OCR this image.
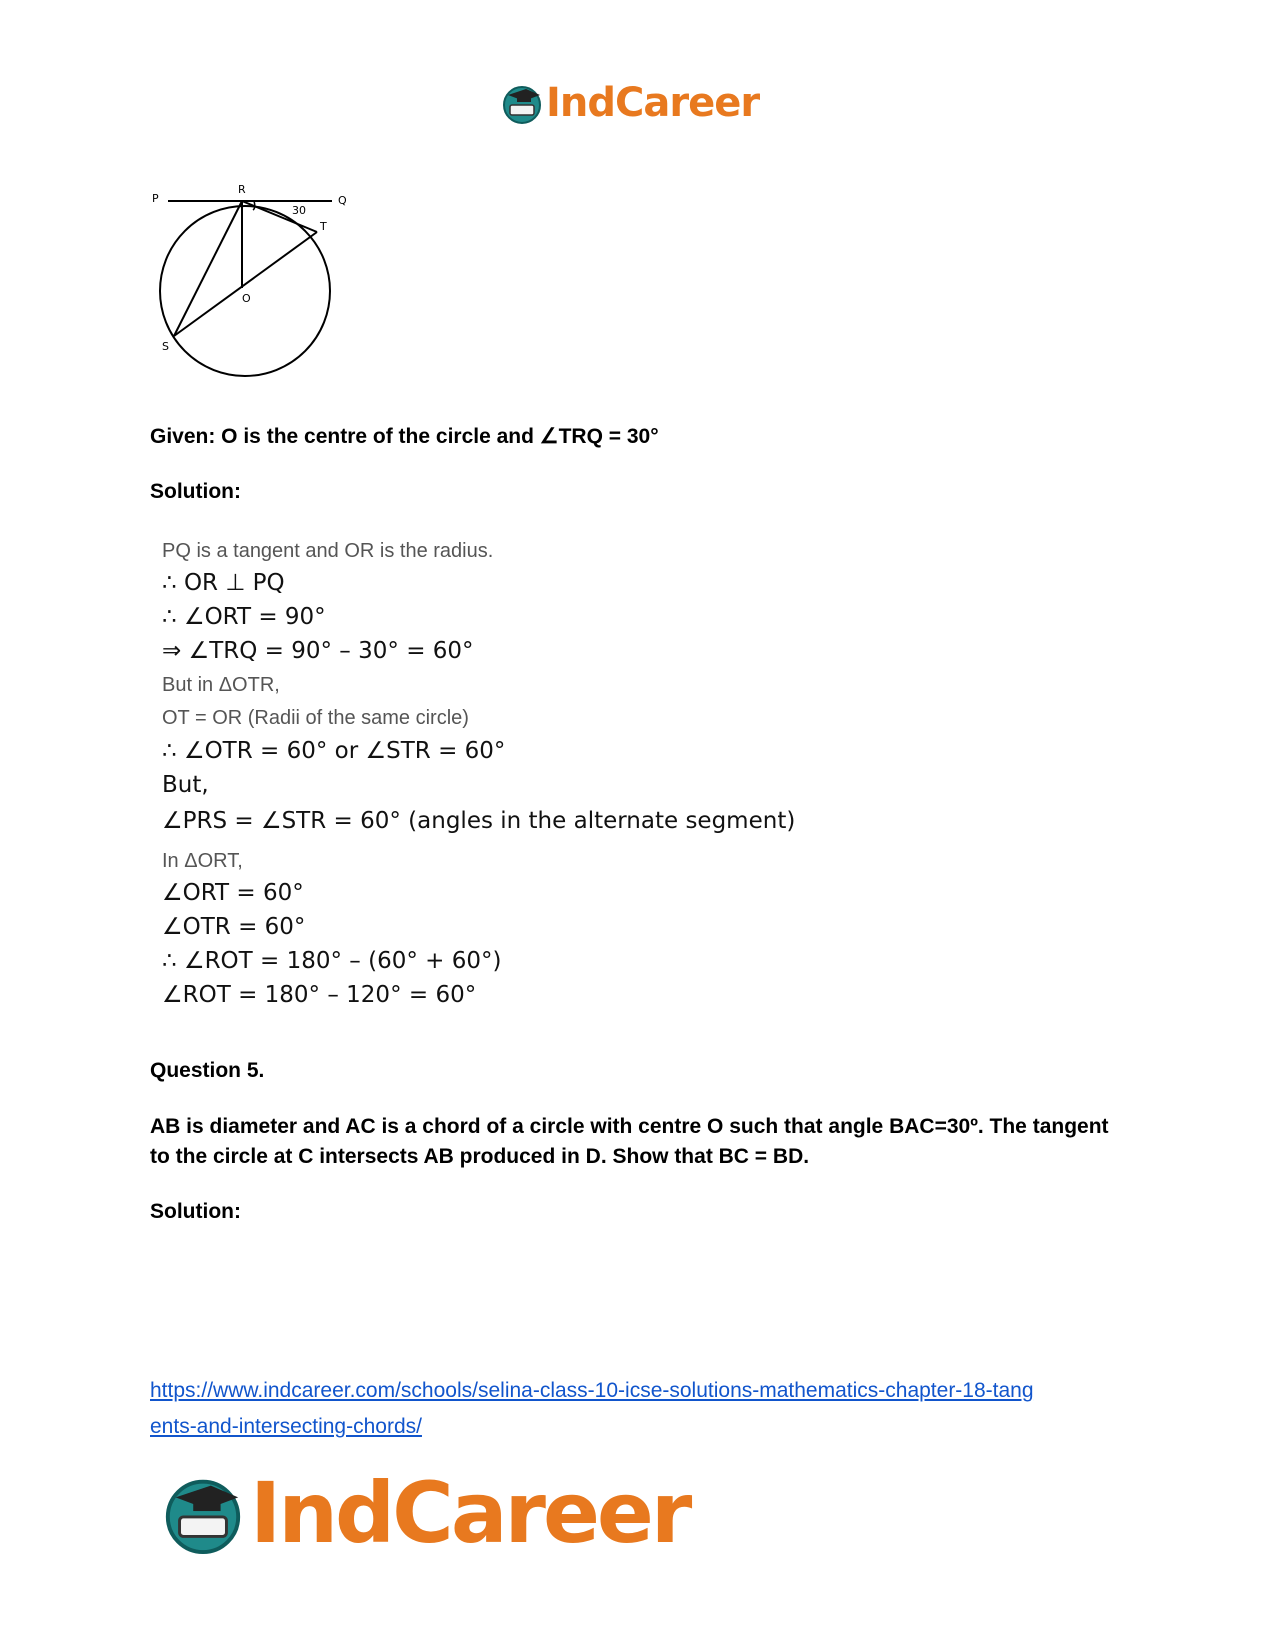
IndCareer
P
R
Q
30
T
O
S
Given: O is the centre of the circle and ∠TRQ = 30°
Solution:
PQ is a tangent and OR is the radius.
∴ OR ⊥ PQ
∴ ∠ORT = 90°
⇒ ∠TRQ = 90° – 30° = 60°
But in ΔOTR,
OT = OR (Radii of the same circle)
∴ ∠OTR = 60° or ∠STR = 60°
But,
∠PRS = ∠STR = 60° (angles in the alternate segment)
In ΔORT,
∠ORT = 60°
∠OTR = 60°
∴ ∠ROT = 180° – (60° + 60°)
∠ROT = 180° – 120° = 60°
Question 5.
AB is diameter and AC is a chord of a circle with centre O such that angle BAC=30º. The tangent to the circle at C intersects AB produced in D. Show that BC = BD.
Solution:
https://www.indcareer.com/schools/selina-class-10-icse-solutions-mathematics-chapter-18-tang
ents-and-intersecting-chords/
IndCareer
